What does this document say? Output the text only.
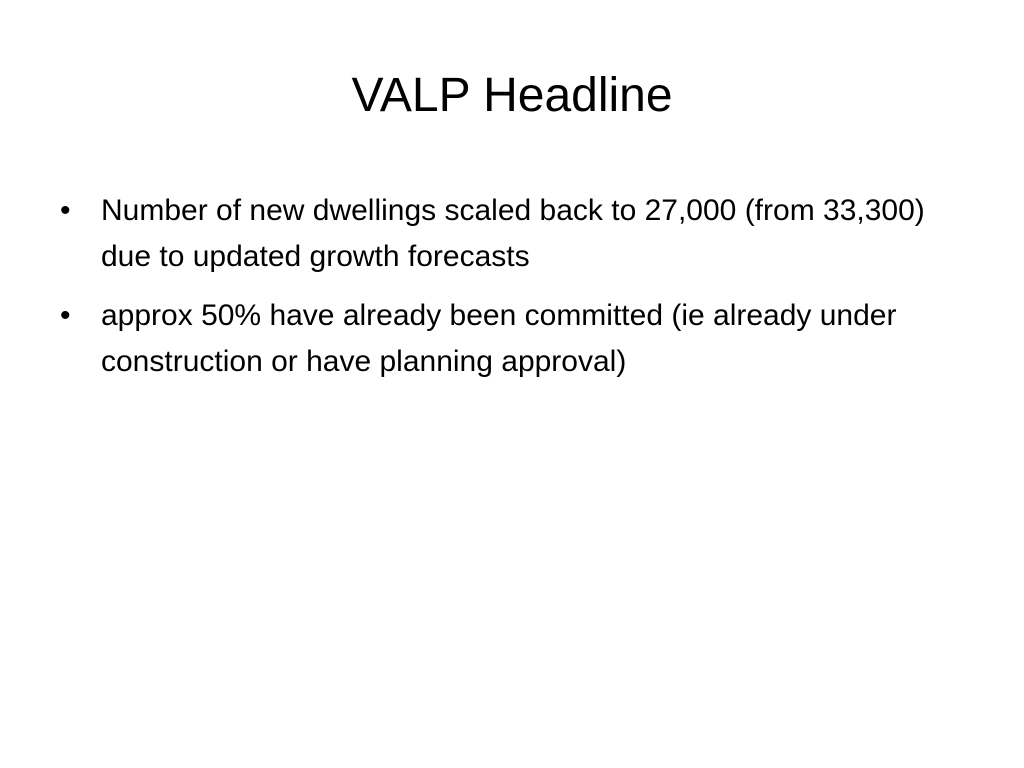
VALP Headline
•	Number of new dwellings scaled back to 27,000 (from 33,300) due to updated growth forecasts
•	approx 50% have already been committed (ie already under construction or have planning approval)
